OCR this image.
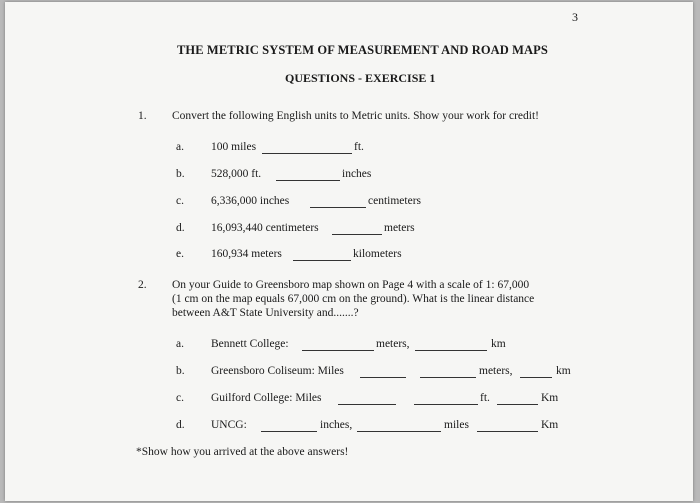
3
THE METRIC SYSTEM OF MEASUREMENT AND ROAD MAPS
QUESTIONS - EXERCISE 1
1. Convert the following English units to Metric units. Show your work for credit!
a. 100 miles	ft.
b. 528,000 ft.	inches
c. 6,336,000 inches	centimeters
d. 16,093,440 centimeters	meters
e. 160,934 meters	kilometers
2. On your Guide to Greensboro map shown on Page 4 with a scale of 1: 67,000
(1 cm on the map equals 67,000 cm on the ground). What is the linear distance
between A&T State University and.......?
a. Bennett College:	meters,	km
b. Greensboro Coliseum: Miles	meters,	km
c. Guilford College: Miles	ft.	Km
d. UNCG:	inches,	miles	Km
*Show how you arrived at the above answers!
